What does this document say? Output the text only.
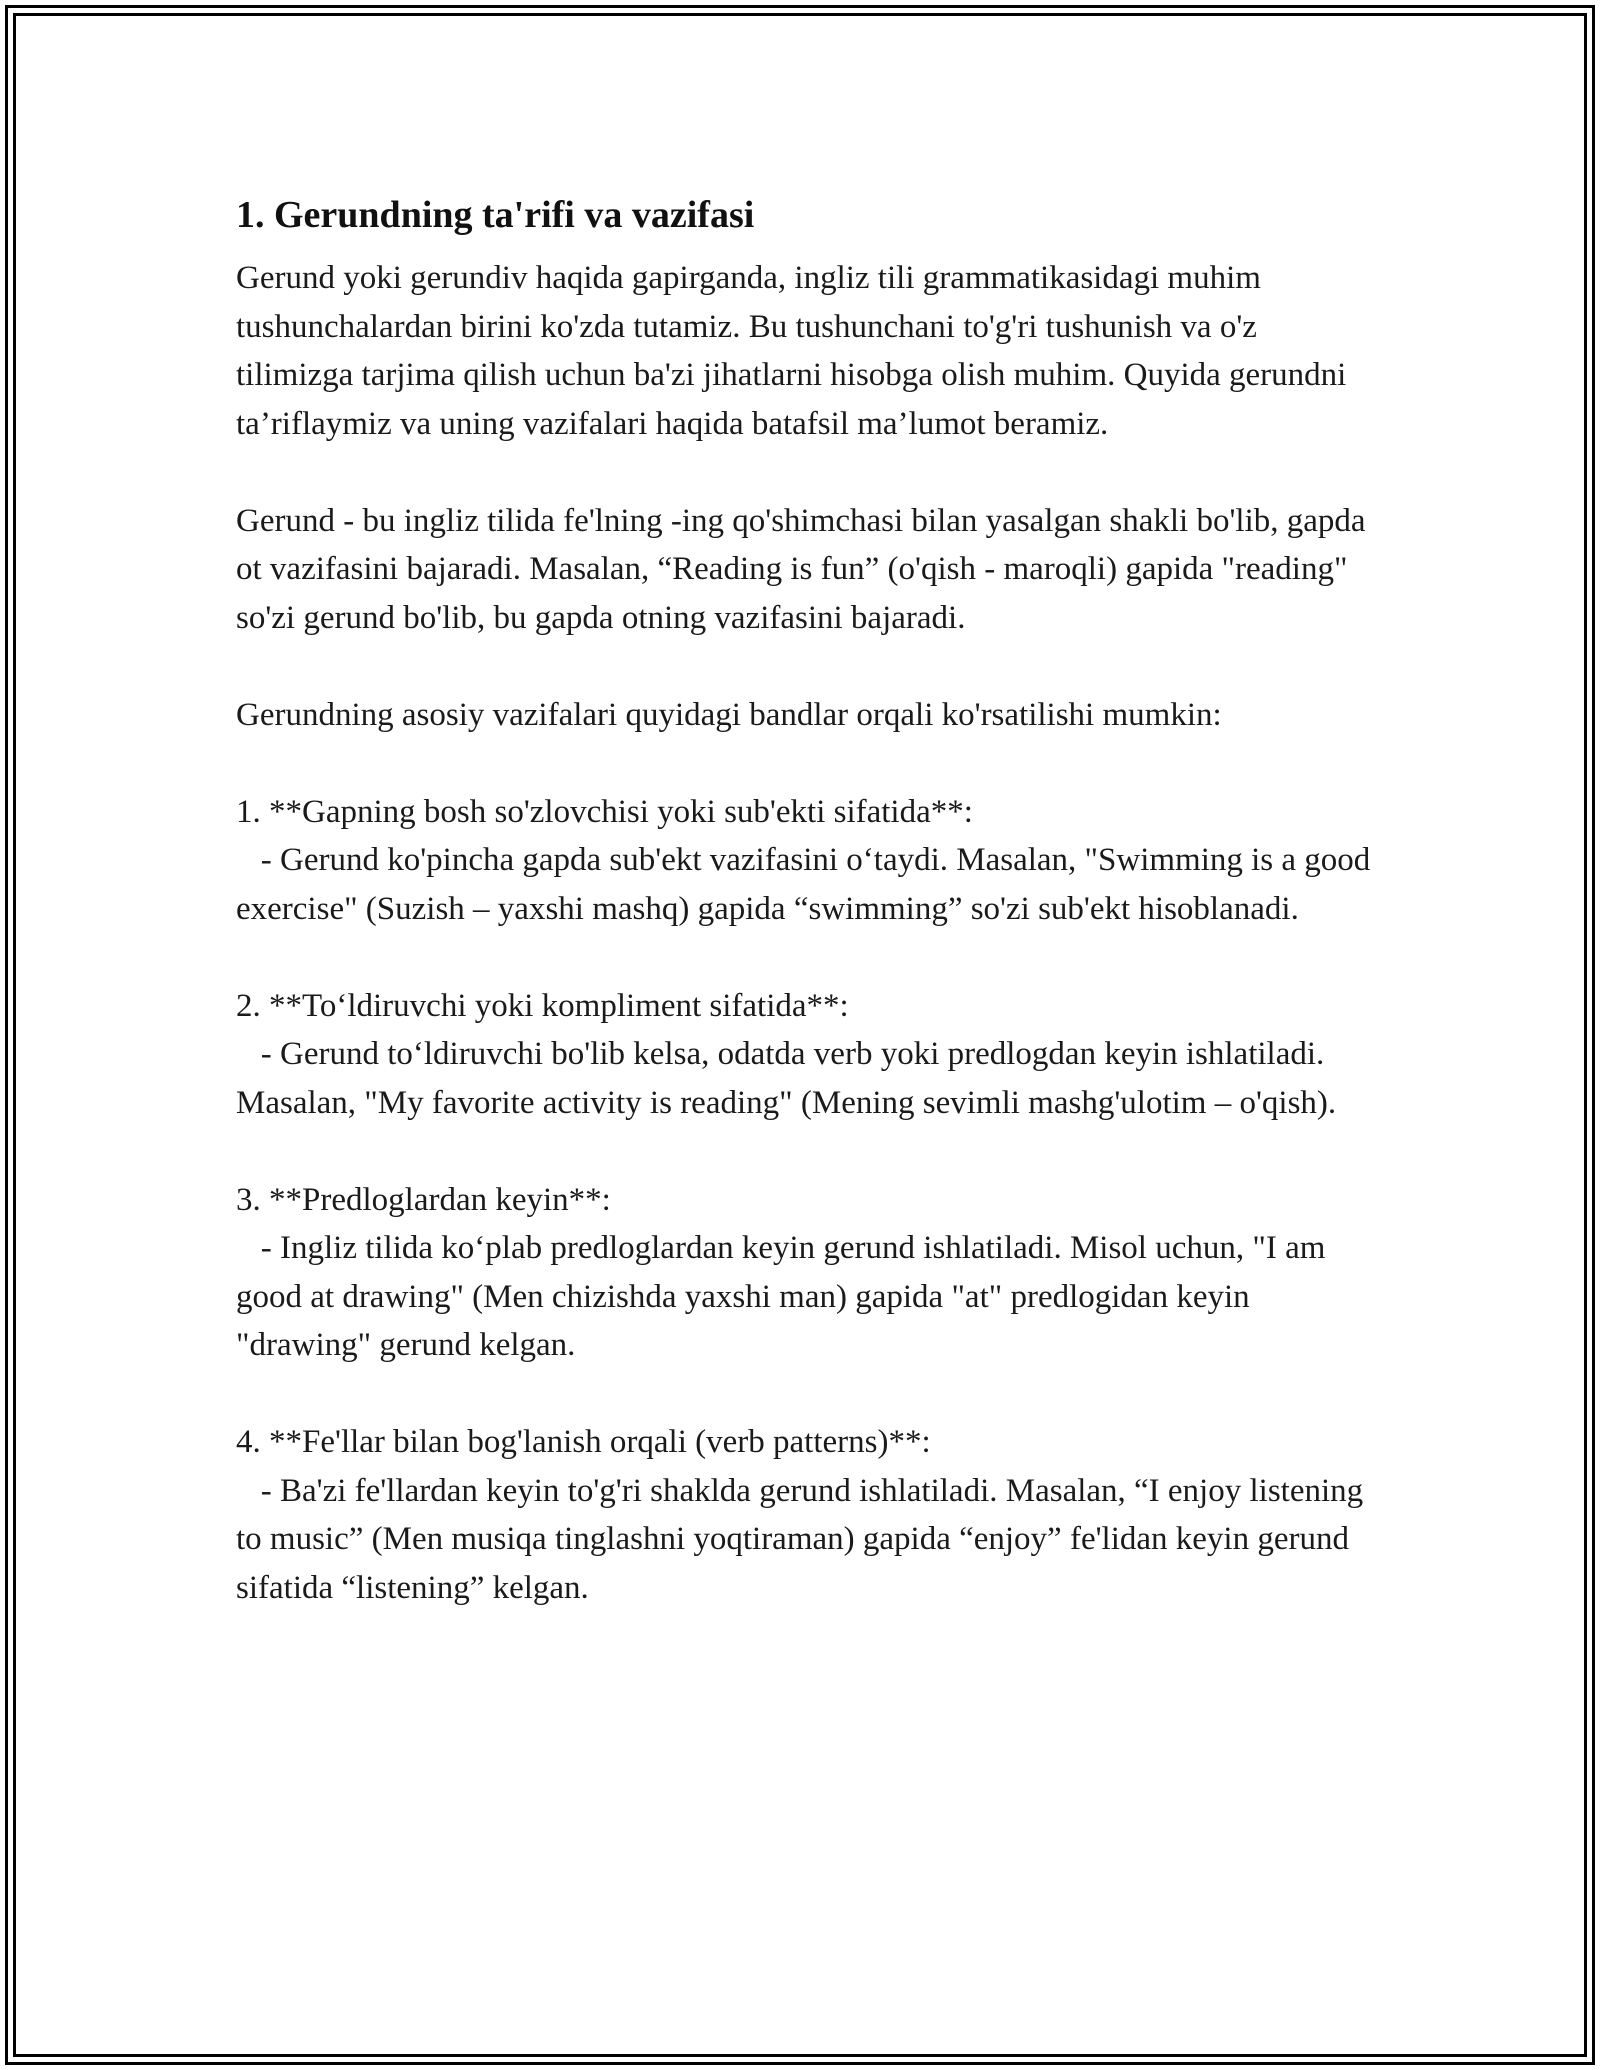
1. Gerundning ta'rifi va vazifasi

Gerund yoki gerundiv haqida gapirganda, ingliz tili grammatikasidagi muhim tushunchalardan birini ko'zda tutamiz. Bu tushunchani to'g'ri tushunish va o'z tilimizga tarjima qilish uchun ba'zi jihatlarni hisobga olish muhim. Quyida gerundni ta’riflaymiz va uning vazifalari haqida batafsil ma’lumot beramiz.

Gerund - bu ingliz tilida fe'lning -ing qo'shimchasi bilan yasalgan shakli bo'lib, gapda ot vazifasini bajaradi. Masalan, “Reading is fun” (o'qish - maroqli) gapida "reading" so'zi gerund bo'lib, bu gapda otning vazifasini bajaradi.

Gerundning asosiy vazifalari quyidagi bandlar orqali ko'rsatilishi mumkin:

1. **Gapning bosh so'zlovchisi yoki sub'ekti sifatida**:

- Gerund ko'pincha gapda sub'ekt vazifasini o‘taydi. Masalan, "Swimming is a good exercise" (Suzish – yaxshi mashq) gapida “swimming” so'zi sub'ekt hisoblanadi.

2. **To‘ldiruvchi yoki kompliment sifatida**:

- Gerund to‘ldiruvchi bo'lib kelsa, odatda verb yoki predlogdan keyin ishlatiladi. Masalan, "My favorite activity is reading" (Mening sevimli mashg'ulotim – o'qish).

3. **Predloglardan keyin**:

- Ingliz tilida ko‘plab predloglardan keyin gerund ishlatiladi. Misol uchun, "I am good at drawing" (Men chizishda yaxshi man) gapida "at" predlogidan keyin "drawing" gerund kelgan.

4. **Fe'llar bilan bog'lanish orqali (verb patterns)**:

- Ba'zi fe'llardan keyin to'g'ri shaklda gerund ishlatiladi. Masalan, “I enjoy listening to music” (Men musiqa tinglashni yoqtiraman) gapida “enjoy” fe'lidan keyin gerund sifatida “listening” kelgan.
